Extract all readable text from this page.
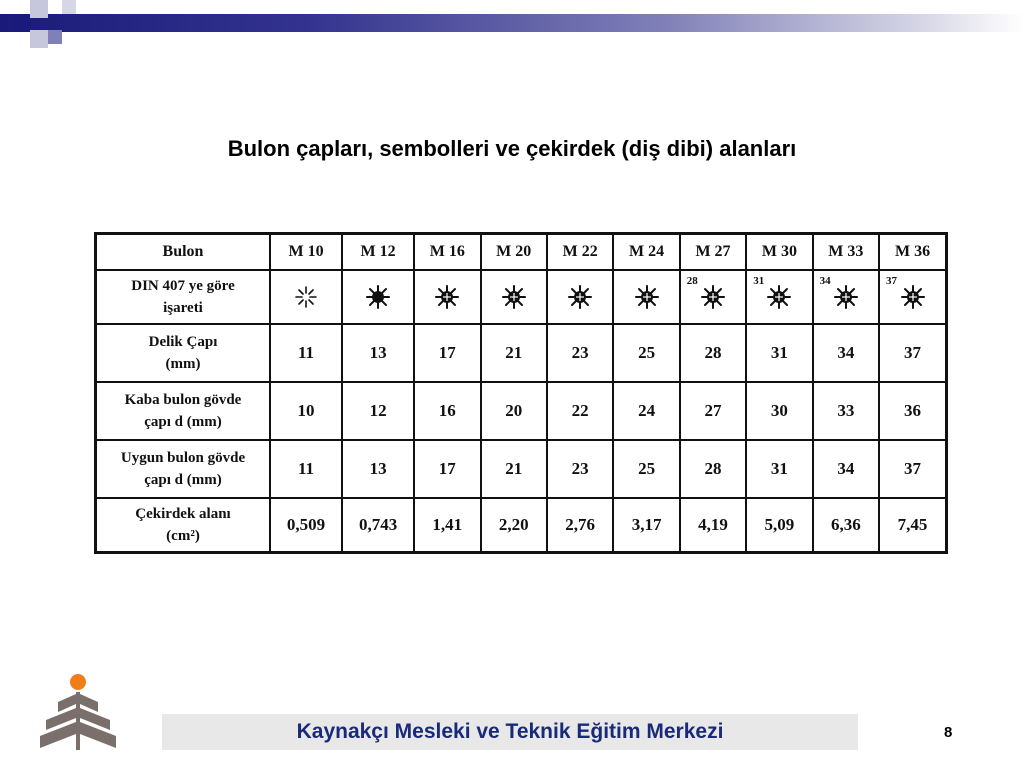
Bulon çapları, sembolleri ve çekirdek (diş dibi) alanları
Bulon	M 10	M 12	M 16	M 20	M 22	M 24	M 27	M 30	M 33	M 36

DIN 407 ye göre
işareti							28	31	34	37

Delik Çapı
(mm)	11	13	17	21	23	25	28	31	34	37

Kaba bulon gövde
çapı d (mm)	10	12	16	20	22	24	27	30	33	36

Uygun bulon gövde
çapı d (mm)	11	13	17	21	23	25	28	31	34	37

Çekirdek alanı
(cm²)	0,509	0,743	1,41	2,20	2,76	3,17	4,19	5,09	6,36	7,45
Kaynakçı Mesleki ve Teknik Eğitim Merkezi	8
